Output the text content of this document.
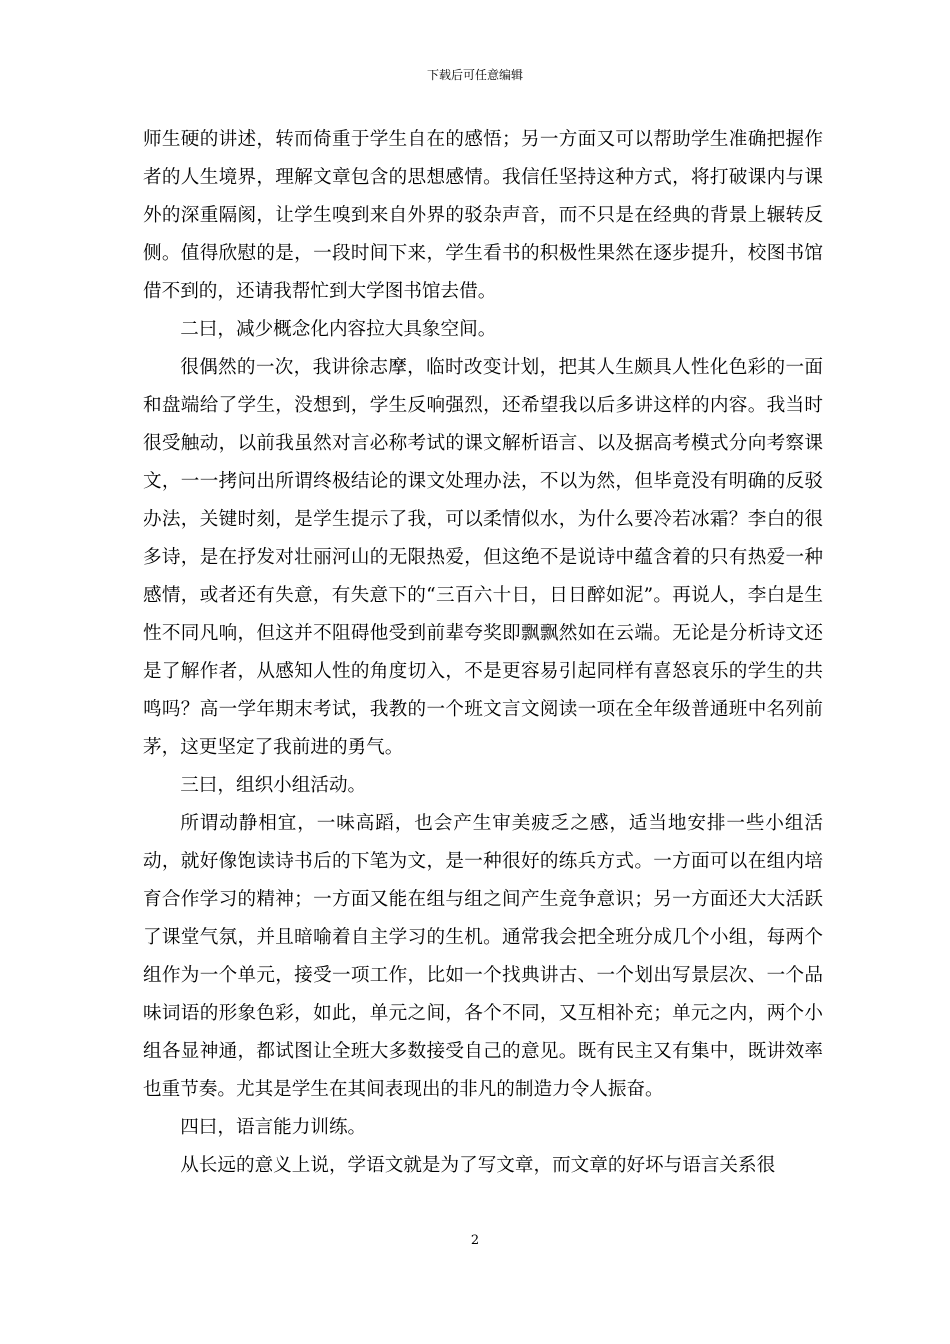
下载后可任意编辑

师生硬的讲述，转而倚重于学生自在的感悟；另一方面又可以帮助学生准确把握作者的人生境界，理解文章包含的思想感情。我信任坚持这种方式，将打破课内与课外的深重隔阂，让学生嗅到来自外界的驳杂声音，而不只是在经典的背景上辗转反侧。值得欣慰的是，一段时间下来，学生看书的积极性果然在逐步提升，校图书馆借不到的，还请我帮忙到大学图书馆去借。

二曰，减少概念化内容拉大具象空间。

很偶然的一次，我讲徐志摩，临时改变计划，把其人生颇具人性化色彩的一面和盘端给了学生，没想到，学生反响强烈，还希望我以后多讲这样的内容。我当时很受触动，以前我虽然对言必称考试的课文解析语言、以及据高考模式分向考察课文，一一拷问出所谓终极结论的课文处理办法，不以为然，但毕竟没有明确的反驳办法，关键时刻，是学生提示了我，可以柔情似水，为什么要冷若冰霜？李白的很多诗，是在抒发对壮丽河山的无限热爱，但这绝不是说诗中蕴含着的只有热爱一种感情，或者还有失意，有失意下的“三百六十日，日日醉如泥”。再说人，李白是生性不同凡响，但这并不阻碍他受到前辈夸奖即飘飘然如在云端。无论是分析诗文还是了解作者，从感知人性的角度切入，不是更容易引起同样有喜怒哀乐的学生的共鸣吗？高一学年期末考试，我教的一个班文言文阅读一项在全年级普通班中名列前茅，这更坚定了我前进的勇气。

三曰，组织小组活动。

所谓动静相宜，一味高蹈，也会产生审美疲乏之感，适当地安排一些小组活动，就好像饱读诗书后的下笔为文，是一种很好的练兵方式。一方面可以在组内培育合作学习的精神；一方面又能在组与组之间产生竞争意识；另一方面还大大活跃了课堂气氛，并且暗喻着自主学习的生机。通常我会把全班分成几个小组，每两个组作为一个单元，接受一项工作，比如一个找典讲古、一个划出写景层次、一个品味词语的形象色彩，如此，单元之间，各个不同，又互相补充；单元之内，两个小组各显神通，都试图让全班大多数接受自己的意见。既有民主又有集中，既讲效率也重节奏。尤其是学生在其间表现出的非凡的制造力令人振奋。

四曰，语言能力训练。

从长远的意义上说，学语文就是为了写文章，而文章的好坏与语言关系很

2
